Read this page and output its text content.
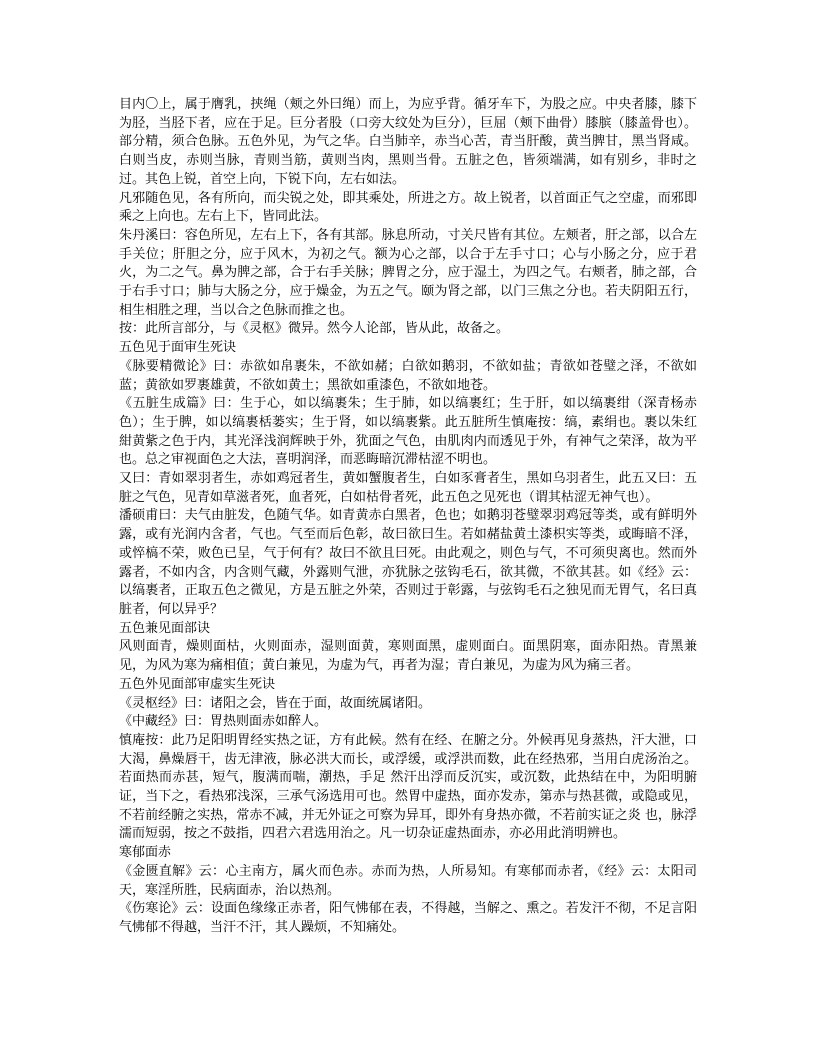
目内〇上，属于膺乳，挟绳（颊之外曰绳）而上，为应乎背。循牙车下，为股之应。中央者膝，膝下为胫，当胫下者，应在于足。巨分者股（口旁大纹处为巨分），巨屈（颊下曲骨）膝膑（膝盖骨也）。部分精，须合色脉。五色外见，为气之华。白当肺辛，赤当心苦，青当肝酸，黄当脾甘，黑当肾咸。白则当皮，赤则当脉，青则当筋，黄则当肉，黑则当骨。五脏之色，皆须端满，如有别乡，非时之过。其色上锐，首空上向，下锐下向，左右如法。

凡邪随色见，各有所向，而尖锐之处，即其乘处，所进之方。故上锐者，以首面正气之空虚，而邪即乘之上向也。左右上下，皆同此法。

朱丹溪曰：容色所见，左右上下，各有其部。脉息所动，寸关尺皆有其位。左颊者，肝之部，以合左手关位；肝胆之分，应于风木，为初之气。额为心之部，以合于左手寸口；心与小肠之分，应于君火，为二之气。鼻为脾之部，合于右手关脉；脾胃之分，应于湿土，为四之气。右颊者，肺之部，合于右手寸口；肺与大肠之分，应于燥金，为五之气。颐为肾之部，以门三焦之分也。若夫阴阳五行，相生相胜之理，当以合之色脉而推之也。

按：此所言部分，与《灵枢》微异。然今人论部，皆从此，故备之。

五色见于面审生死诀

《脉要精微论》曰：赤欲如帛裹朱，不欲如赭；白欲如鹅羽，不欲如盐；青欲如苍璧之泽，不欲如蓝；黄欲如罗裹雄黄，不欲如黄土；黑欲如重漆色，不欲如地苍。

《五脏生成篇》曰：生于心，如以缟裹朱；生于肺，如以缟裹红；生于肝，如以缟裹绀（深青杨赤色）；生于脾，如以缟裹栝蒌实；生于肾，如以缟裹紫。此五脏所生慎庵按：缟，素绢也。裹以朱红紺黄紫之色于内，其光泽浅润辉映于外，犹面之气色，由肌肉内而透见于外，有神气之荣泽，故为平也。总之审视面色之大法，喜明润泽，而恶晦暗沉滞枯涩不明也。

又曰：青如翠羽者生，赤如鸡冠者生，黄如蟹腹者生，白如豕膏者生，黑如乌羽者生，此五又曰：五脏之气色，见青如草滋者死，血者死，白如枯骨者死，此五色之见死也（谓其枯涩无神气也）。

潘硕甫曰：夫气由脏发，色随气华。如青黄赤白黑者，色也；如鹅羽苍璧翠羽鸡冠等类，或有鲜明外露，或有光润内含者，气也。气至而后色彰，故曰欲曰生。若如赭盐黄土漆枳实等类，或晦暗不泽，或悴槁不荣，败色已呈，气于何有？故曰不欲且曰死。由此观之，则色与气，不可须臾离也。然而外露者，不如内含，内含则气藏，外露则气泄，亦犹脉之弦钩毛石，欲其微，不欲其甚。如《经》云：以缟裹者，正取五色之微见，方是五脏之外荣，否则过于彰露，与弦钩毛石之独见而无胃气，名曰真脏者，何以异乎？

五色兼见面部诀

风则面青，燥则面枯，火则面赤，湿则面黄，寒则面黑，虚则面白。面黑阴寒，面赤阳热。青黑兼见，为风为寒为痛相值；黄白兼见，为虚为气，再者为湿；青白兼见，为虚为风为痛三者。

五色外见面部审虚实生死诀

《灵枢经》曰：诸阳之会，皆在于面，故面统属诸阳。

《中藏经》曰：胃热则面赤如醉人。

慎庵按：此乃足阳明胃经实热之证，方有此候。然有在经、在腑之分。外候再见身蒸热，汗大泄，口大渴，鼻燥唇干，齿无津液，脉必洪大而长，或浮缓，或浮洪而数，此在经热邪，当用白虎汤治之。若面热而赤甚，短气，腹满而喘，潮热，手足 然汗出浮而反沉实，或沉数，此热结在中，为阳明腑证，当下之，看热邪浅深，三承气汤选用可也。然胃中虚热，面亦发赤，第赤与热甚微，或隐或见，不若前经腑之实热，常赤不减，并无外证之可察为异耳，即外有身热亦微，不若前实证之炎 也，脉浮濡而短弱，按之不鼓指，四君六君选用治之。凡一切杂证虚热面赤，亦必用此消明辨也。

寒郁面赤

《金匮直解》云：心主南方，属火而色赤。赤而为热，人所易知。有寒郁而赤者，《经》云：太阳司天，寒淫所胜，民病面赤，治以热剂。

《伤寒论》云：设面色缘缘正赤者，阳气怫郁在表，不得越，当解之、熏之。若发汗不彻，不足言阳气怫郁不得越，当汗不汗，其人躁烦，不知痛处。
